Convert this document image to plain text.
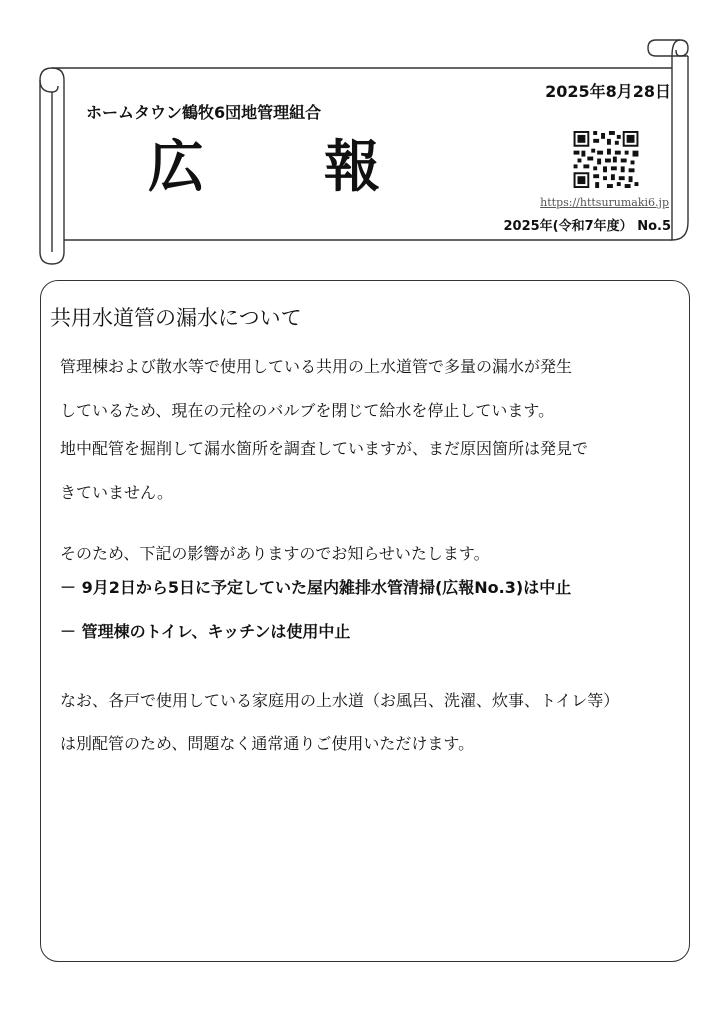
2025年8月28日
ホームタウン鶴牧6団地管理組合
広報
https://httsurumaki6.jp
2025年(令和7年度） No.5
共用水道管の漏水について
管理棟および散水等で使用している共用の上水道管で多量の漏水が発生
しているため、現在の元栓のバルブを閉じて給水を停止しています。
地中配管を掘削して漏水箇所を調査していますが、まだ原因箇所は発見で
きていません。
そのため、下記の影響がありますのでお知らせいたします。
－ 9月2日から5日に予定していた屋内雑排水管清掃(広報No.3)は中止
－ 管理棟のトイレ、キッチンは使用中止
なお、各戸で使用している家庭用の上水道（お風呂、洗濯、炊事、トイレ等）
は別配管のため、問題なく通常通りご使用いただけます。
